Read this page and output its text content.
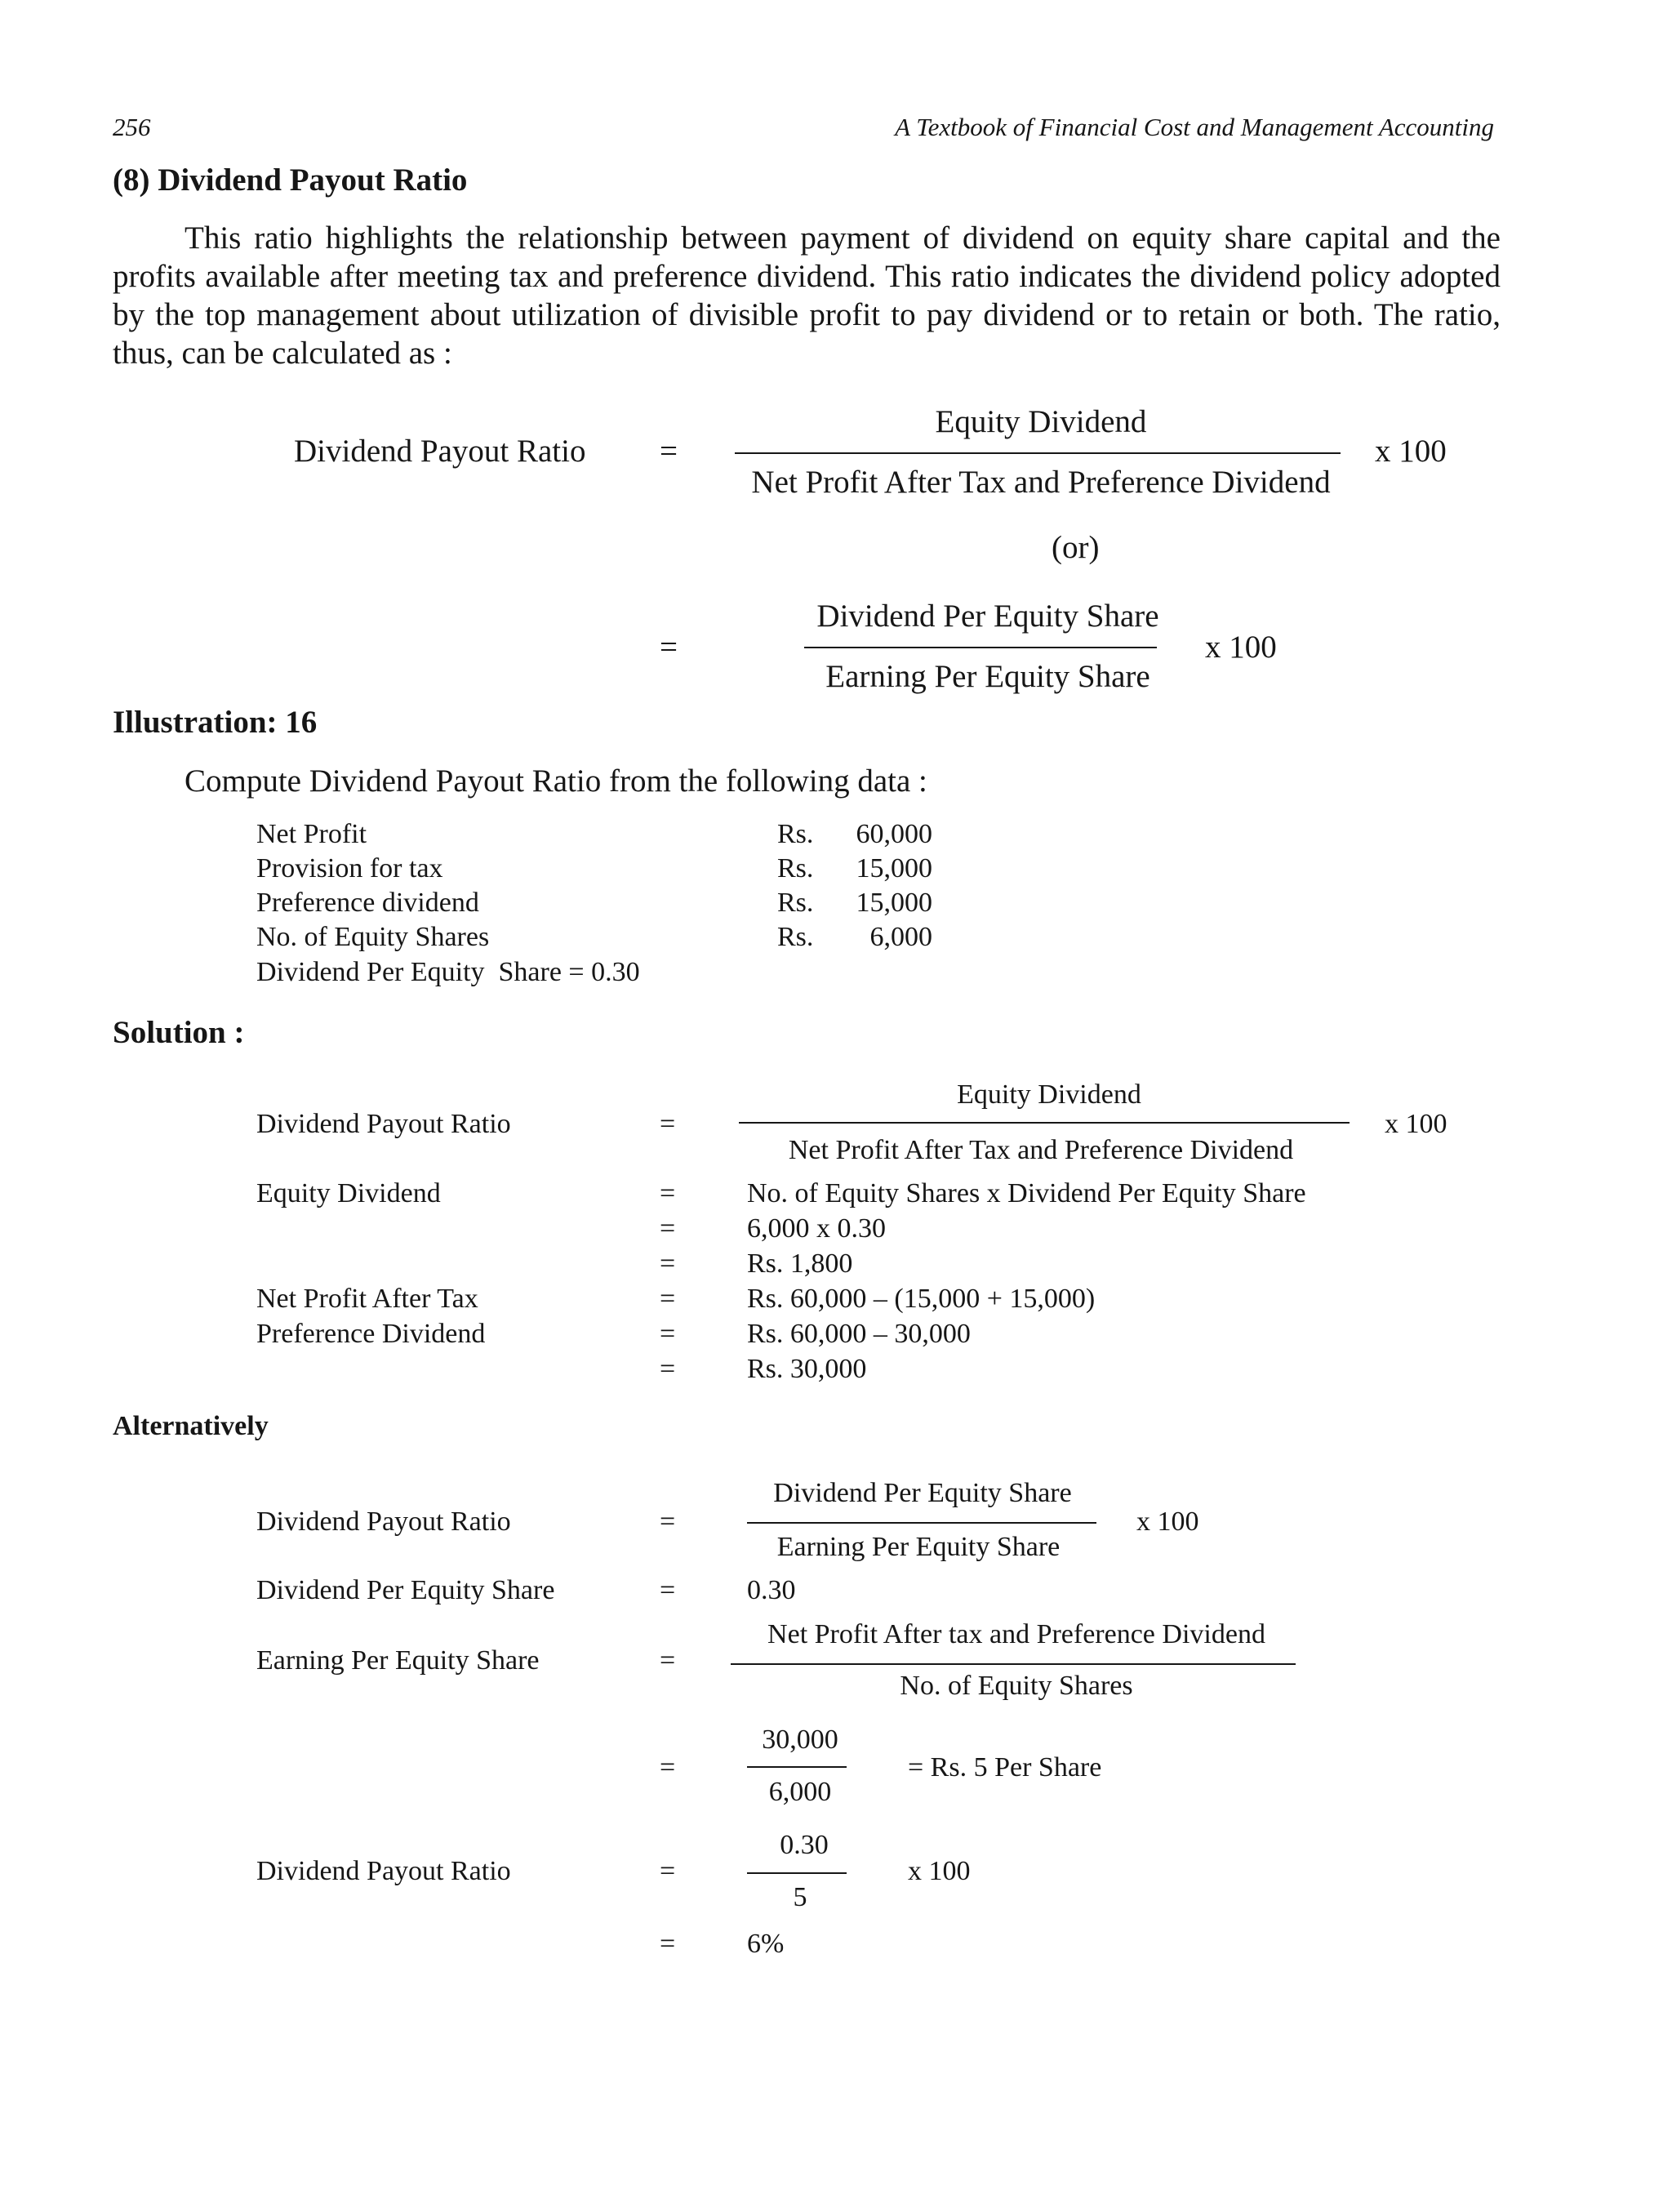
256	A Textbook of Financial Cost and Management Accounting
(8) Dividend Payout Ratio
This ratio highlights the relationship between payment of dividend on equity share capital and the profits available after meeting tax and preference dividend. This ratio indicates the dividend policy adopted by the top management about utilization of divisible profit to pay dividend or to retain or both. The ratio, thus, can be calculated as :
Dividend Payout Ratio =
Equity Dividend
Net Profit After Tax and Preference Dividend
x 100
(or)
=
Dividend Per Equity Share
Earning Per Equity Share
x 100
Illustration: 16
Compute Dividend Payout Ratio from the following data :
Net Profit	Rs.	60,000
Provision for tax	Rs.	15,000
Preference dividend	Rs.	15,000
No. of Equity Shares	Rs.	6,000
Dividend Per Equity  Share = 0.30
Solution :
Dividend Payout Ratio	=
Equity Dividend
Net Profit After Tax and Preference Dividend
x 100
Equity Dividend	=	No. of Equity Shares x Dividend Per Equity Share
=	6,000 x 0.30
=	Rs. 1,800
Net Profit After Tax	=	Rs. 60,000 – (15,000 + 15,000)
Preference Dividend	=	Rs. 60,000 – 30,000
=	Rs. 30,000
Alternatively
Dividend Payout Ratio	=
Dividend Per Equity Share
Earning Per Equity Share
x 100
Dividend Per Equity Share	=	0.30
Earning Per Equity Share	=
Net Profit After tax and Preference Dividend
No. of Equity Shares
=
30,000
6,000
= Rs. 5 Per Share
Dividend Payout Ratio	=
0.30
5
x 100
=	6%
